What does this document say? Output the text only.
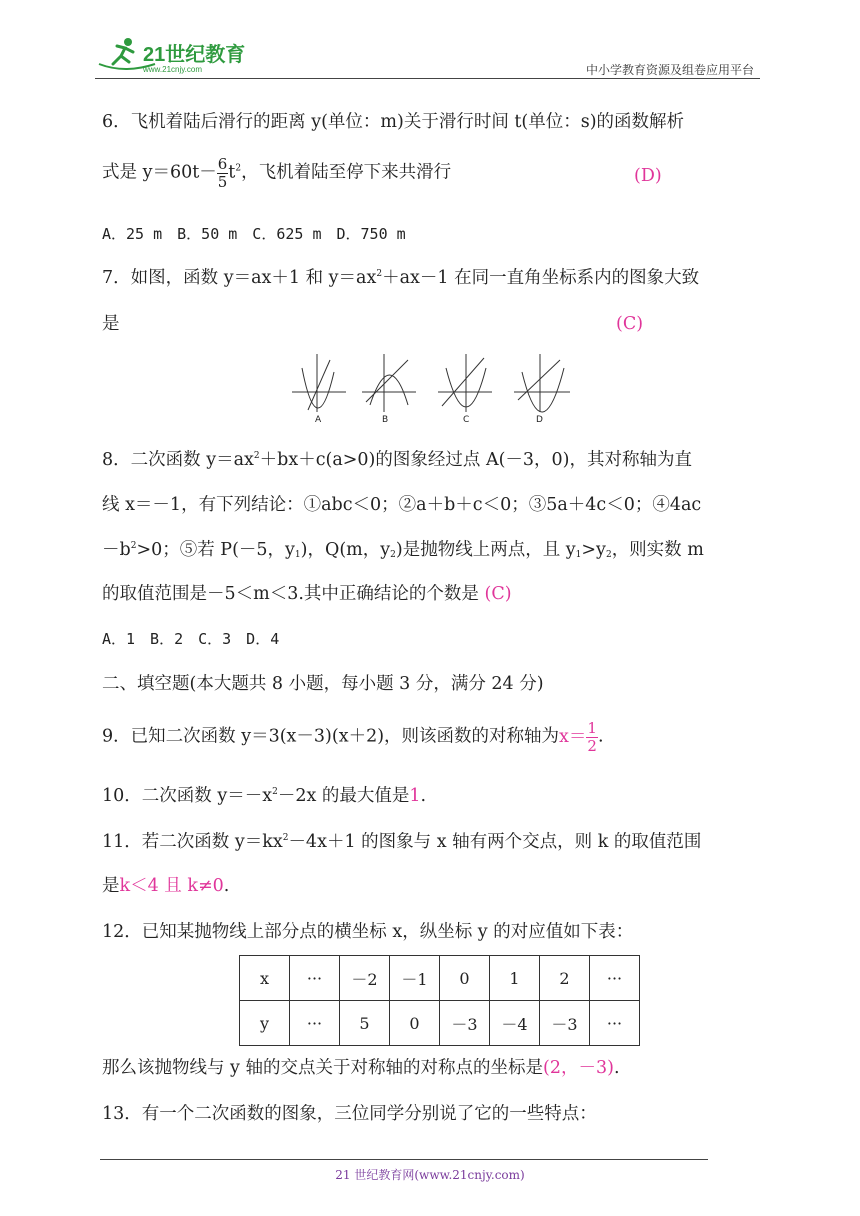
21世纪教育
www.21cnjy.com	中小学教育资源及组卷应用平台
6．飞机着陆后滑行的距离 y(单位：m)关于滑行时间 t(单位：s)的函数解析
式是 $y=60t- \frac{6}{5} t^2$，飞机着陆至停下来共滑行	(D)
A．25 m　B．50 m　C．625 m　D．750 m
7．如图，函数 y＝ax＋1 和 $y=ax^2+ax-1$ 在同一直角坐标系内的图象大致
是	(C)
A	B	C	D
8．二次函数 $y=ax^2+bx+c(a>0)$的图象经过点 A(－3，0)，其对称轴为直
线 x＝－1，有下列结论：①abc＜0；②a＋b＋c＜0；③5a＋4c＜0；④4ac
$-b^2>0$；⑤若 P(－5，$y_1$)，Q(m，$y_2$)是抛物线上两点，且 $y_1>y_2$，则实数 m
的取值范围是－5＜m＜3.其中正确结论的个数是 (C)
A．1　B．2　C．3　D．4
二、填空题(本大题共 8 小题，每小题 3 分，满分 24 分)
9．已知二次函数 y＝3(x－3)(x＋2)，则该函数的对称轴为$x= \frac{1}{2}$ .
10．二次函数 $y=-x^2-2x$ 的最大值是1.
11．若二次函数 $y=kx^2-4x+1$ 的图象与 x 轴有两个交点，则 k 的取值范围
是k＜4 且 k≠0.
12．已知某抛物线上部分点的横坐标 x，纵坐标 y 的对应值如下表：
x	···	－2	－1	0	1	2	···
y	···	5	0	－3	－4	－3	···
那么该抛物线与 y 轴的交点关于对称轴的对称点的坐标是(2，－3).
13．有一个二次函数的图象，三位同学分别说了它的一些特点：
21 世纪教育网(www.21cnjy.com)
